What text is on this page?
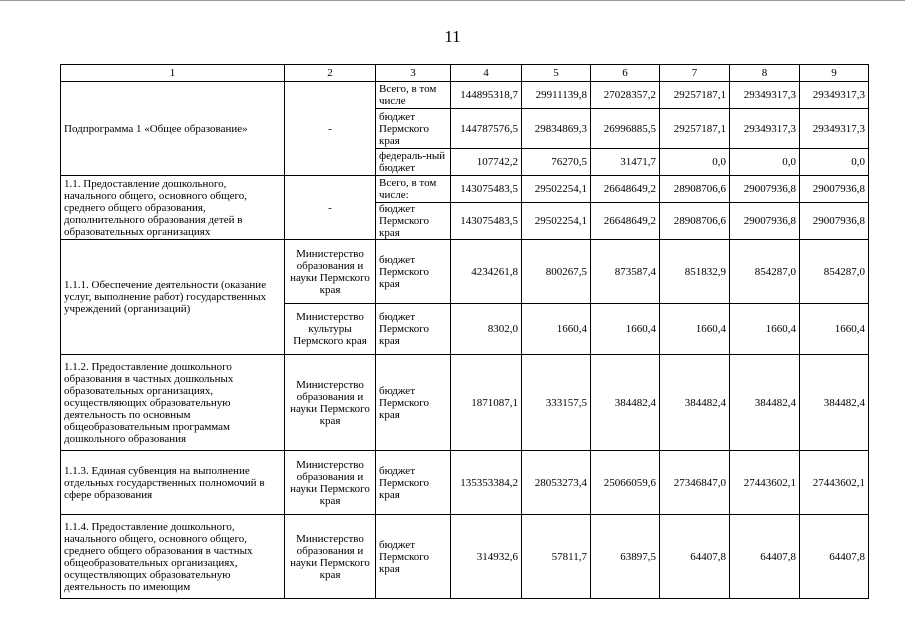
11
1	2	3	4	5	6	7	8	9
Подпрограмма 1 «Общее образование»	-	Всего, в том числе	144895318,7	29911139,8	27028357,2	29257187,1	29349317,3	29349317,3
		бюджет Пермского края	144787576,5	29834869,3	26996885,5	29257187,1	29349317,3	29349317,3
		федераль-ный бюджет	107742,2	76270,5	31471,7	0,0	0,0	0,0
1.1. Предоставление дошкольного, начального общего, основного общего, среднего общего образования, дополнительного образования детей в образовательных организациях	-	Всего, в том числе:	143075483,5	29502254,1	26648649,2	28908706,6	29007936,8	29007936,8
		бюджет Пермского края	143075483,5	29502254,1	26648649,2	28908706,6	29007936,8	29007936,8
1.1.1. Обеспечение деятельности (оказание услуг, выполнение работ) государственных учреждений (организаций)	Министерство образования и науки Пермского края	бюджет Пермского края	4234261,8	800267,5	873587,4	851832,9	854287,0	854287,0
	Министерство культуры Пермского края	бюджет Пермского края	8302,0	1660,4	1660,4	1660,4	1660,4	1660,4
1.1.2. Предоставление дошкольного образования в частных дошкольных образовательных организациях, осуществляющих образовательную деятельность по основным общеобразовательным программам дошкольного образования	Министерство образования и науки Пермского края	бюджет Пермского края	1871087,1	333157,5	384482,4	384482,4	384482,4	384482,4
1.1.3. Единая субвенция на выполнение отдельных государственных полномочий в сфере образования	Министерство образования и науки Пермского края	бюджет Пермского края	135353384,2	28053273,4	25066059,6	27346847,0	27443602,1	27443602,1
1.1.4. Предоставление дошкольного, начального общего, основного общего, среднего общего образования в частных общеобразовательных организациях, осуществляющих образовательную деятельность по имеющим	Министерство образования и науки Пермского края	бюджет Пермского края	314932,6	57811,7	63897,5	64407,8	64407,8	64407,8
